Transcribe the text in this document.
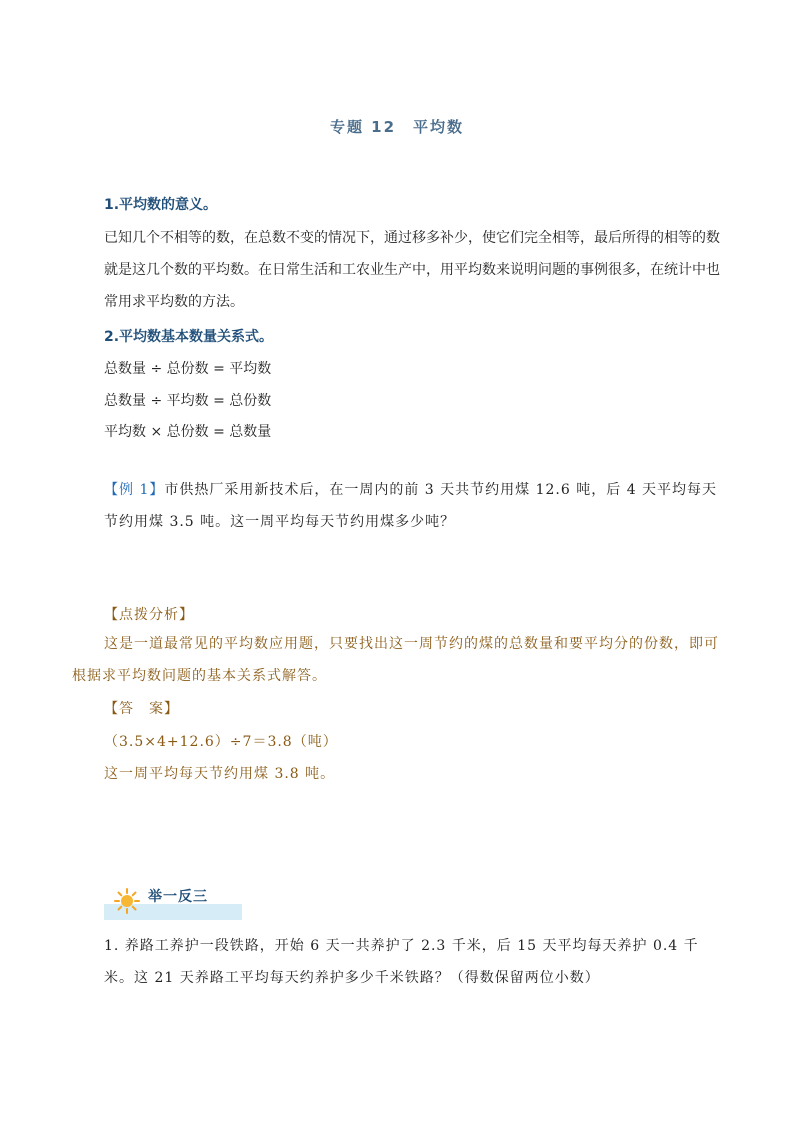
专题 12　平均数
1.平均数的意义。
已知几个不相等的数，在总数不变的情况下，通过移多补少，使它们完全相等，最后所得的相等的数就是这几个数的平均数。在日常生活和工农业生产中，用平均数来说明问题的事例很多，在统计中也常用求平均数的方法。
2.平均数基本数量关系式。
总数量 ÷ 总份数 = 平均数
总数量 ÷ 平均数 = 总份数
平均数 × 总份数 = 总数量
【例 1】市供热厂采用新技术后，在一周内的前 3 天共节约用煤 12.6 吨，后 4 天平均每天节约用煤 3.5 吨。这一周平均每天节约用煤多少吨？
【点拨分析】
这是一道最常见的平均数应用题，只要找出这一周节约的煤的总数量和要平均分的份数，即可根据求平均数问题的基本关系式解答。
【答　案】
（3.5×4+12.6）÷7＝3.8（吨）
这一周平均每天节约用煤 3.8 吨。
举一反三
1. 养路工养护一段铁路，开始 6 天一共养护了 2.3 千米，后 15 天平均每天养护 0.4 千米。这 21 天养路工平均每天约养护多少千米铁路？（得数保留两位小数）
